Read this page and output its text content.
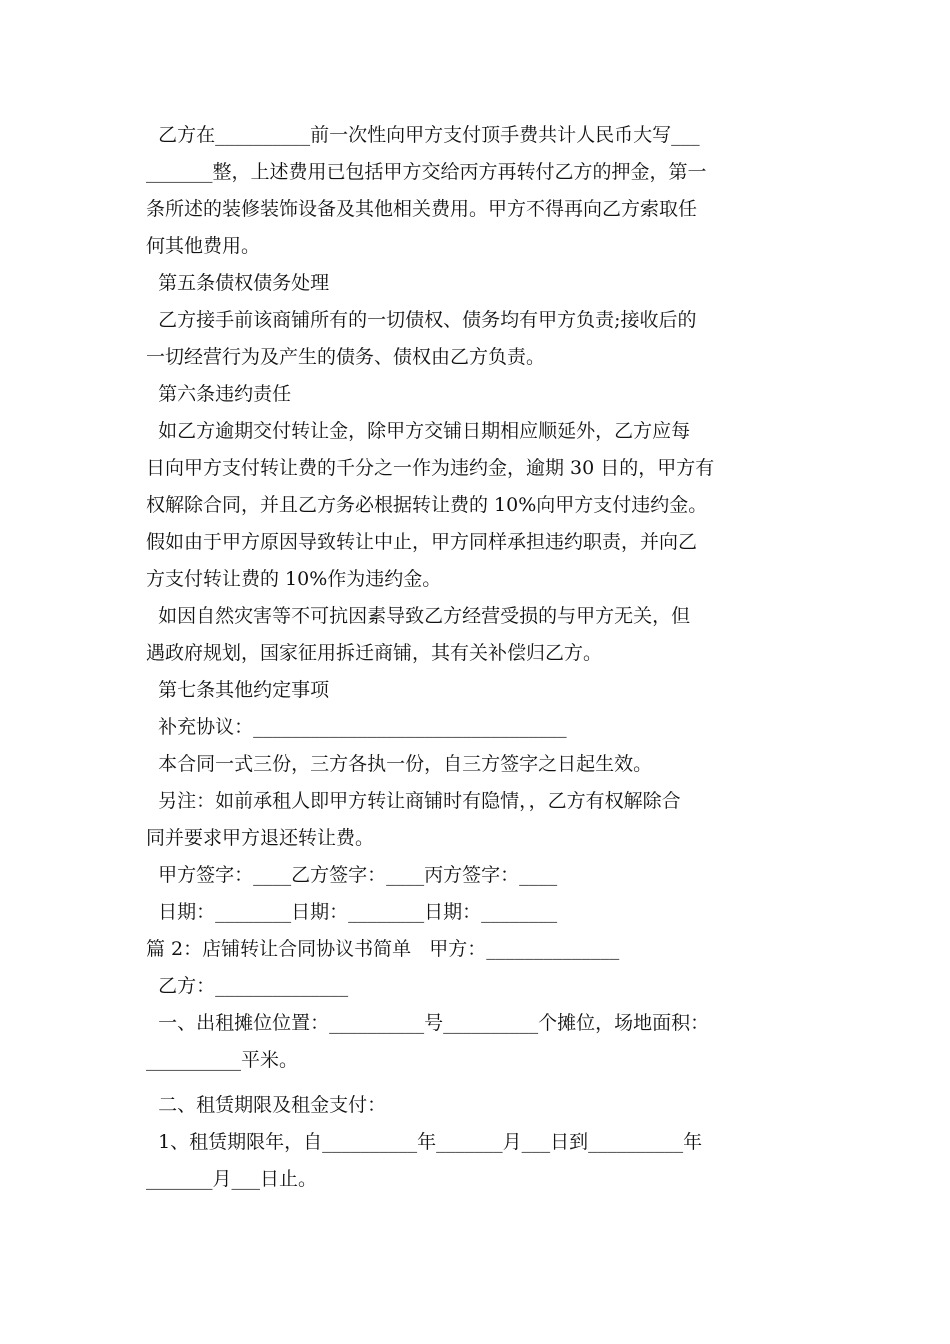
乙方在__________前一次性向甲方支付顶手费共计人民币大写___
_______整，上述费用已包括甲方交给丙方再转付乙方的押金，第一
条所述的装修装饰设备及其他相关费用。甲方不得再向乙方索取任
何其他费用。
第五条债权债务处理
乙方接手前该商铺所有的一切债权、债务均有甲方负责;接收后的
一切经营行为及产生的债务、债权由乙方负责。
第六条违约责任
如乙方逾期交付转让金，除甲方交铺日期相应顺延外，乙方应每
日向甲方支付转让费的千分之一作为违约金，逾期 30 日的，甲方有
权解除合同，并且乙方务必根据转让费的 10%向甲方支付违约金。
假如由于甲方原因导致转让中止，甲方同样承担违约职责，并向乙
方支付转让费的 10%作为违约金。
如因自然灾害等不可抗因素导致乙方经营受损的与甲方无关，但
遇政府规划，国家征用拆迁商铺，其有关补偿归乙方。
第七条其他约定事项
补充协议：_________________________________
本合同一式三份，三方各执一份，自三方签字之日起生效。
另注：如前承租人即甲方转让商铺时有隐情，，乙方有权解除合
同并要求甲方退还转让费。
甲方签字：____乙方签字：____丙方签字：____
日期：________日期：________日期：________
篇 2：店铺转让合同协议书简单   甲方：______________
乙方：______________
一、出租摊位位置：__________号__________个摊位，场地面积：
__________平米。
二、租赁期限及租金支付：
1、租赁期限年，自__________年_______月___日到__________年
_______月___日止。
